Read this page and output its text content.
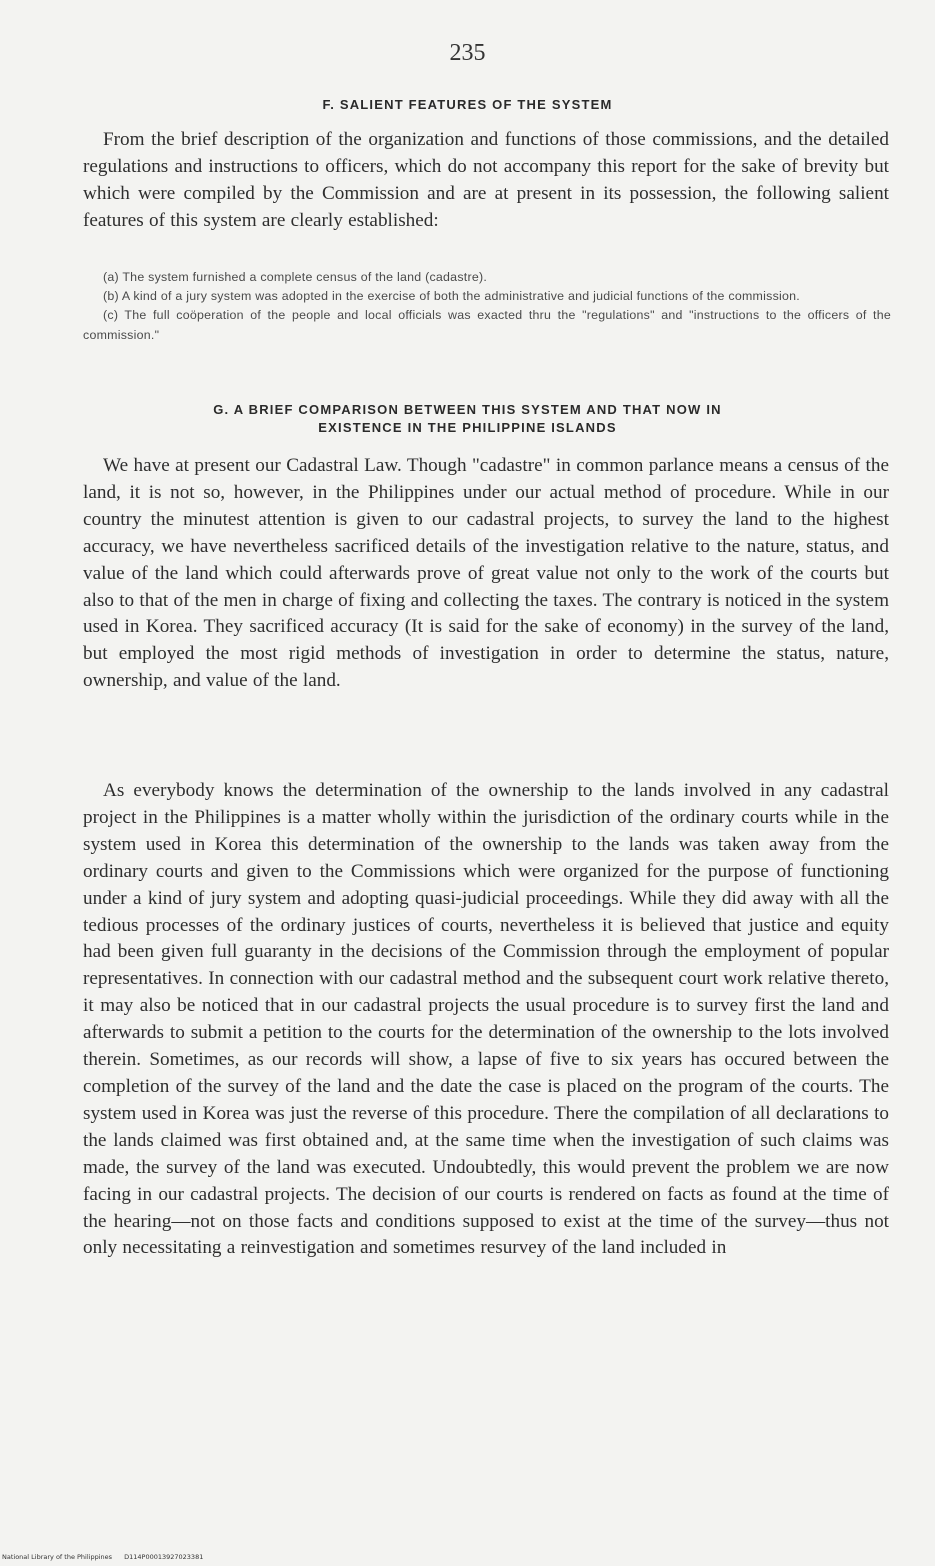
235
F. SALIENT FEATURES OF THE SYSTEM

From the brief description of the organization and functions of those commissions, and the detailed regulations and instructions to officers, which do not accompany this report for the sake of brevity but which were compiled by the Commission and are at present in its possession, the following salient features of this system are clearly established:

(a) The system furnished a complete census of the land (cadastre).

(b) A kind of a jury system was adopted in the exercise of both the administrative and judicial functions of the commission.

(c) The full coöperation of the people and local officials was exacted thru the "regulations" and "instructions to the officers of the commission."

G. A BRIEF COMPARISON BETWEEN THIS SYSTEM AND THAT NOW IN
EXISTENCE IN THE PHILIPPINE ISLANDS

We have at present our Cadastral Law. Though "cadastre" in common parlance means a census of the land, it is not so, however, in the Philippines under our actual method of procedure. While in our country the minutest attention is given to our cadastral projects, to survey the land to the highest accuracy, we have nevertheless sacrificed details of the investigation relative to the nature, status, and value of the land which could afterwards prove of great value not only to the work of the courts but also to that of the men in charge of fixing and collecting the taxes. The contrary is noticed in the system used in Korea. They sacrificed accuracy (It is said for the sake of economy) in the survey of the land, but employed the most rigid methods of investigation in order to determine the status, nature, ownership, and value of the land.

As everybody knows the determination of the ownership to the lands involved in any cadastral project in the Philippines is a matter wholly within the jurisdiction of the ordinary courts while in the system used in Korea this determination of the ownership to the lands was taken away from the ordinary courts and given to the Commissions which were organized for the purpose of functioning under a kind of jury system and adopting quasi-judicial proceedings. While they did away with all the tedious processes of the ordinary justices of courts, nevertheless it is believed that justice and equity had been given full guaranty in the decisions of the Commission through the employment of popular representatives. In connection with our cadastral method and the subsequent court work relative thereto, it may also be noticed that in our cadastral projects the usual procedure is to survey first the land and afterwards to submit a petition to the courts for the determination of the ownership to the lots involved therein. Sometimes, as our records will show, a lapse of five to six years has occured between the completion of the survey of the land and the date the case is placed on the program of the courts. The system used in Korea was just the reverse of this procedure. There the compilation of all declarations to the lands claimed was first obtained and, at the same time when the investigation of such claims was made, the survey of the land was executed. Undoubtedly, this would prevent the problem we are now facing in our cadastral projects. The decision of our courts is rendered on facts as found at the time of the hearing—not on those facts and conditions supposed to exist at the time of the survey—thus not only necessitating a reinvestigation and sometimes resurvey of the land included in

National Library of the Philippines D114P00013927023381
